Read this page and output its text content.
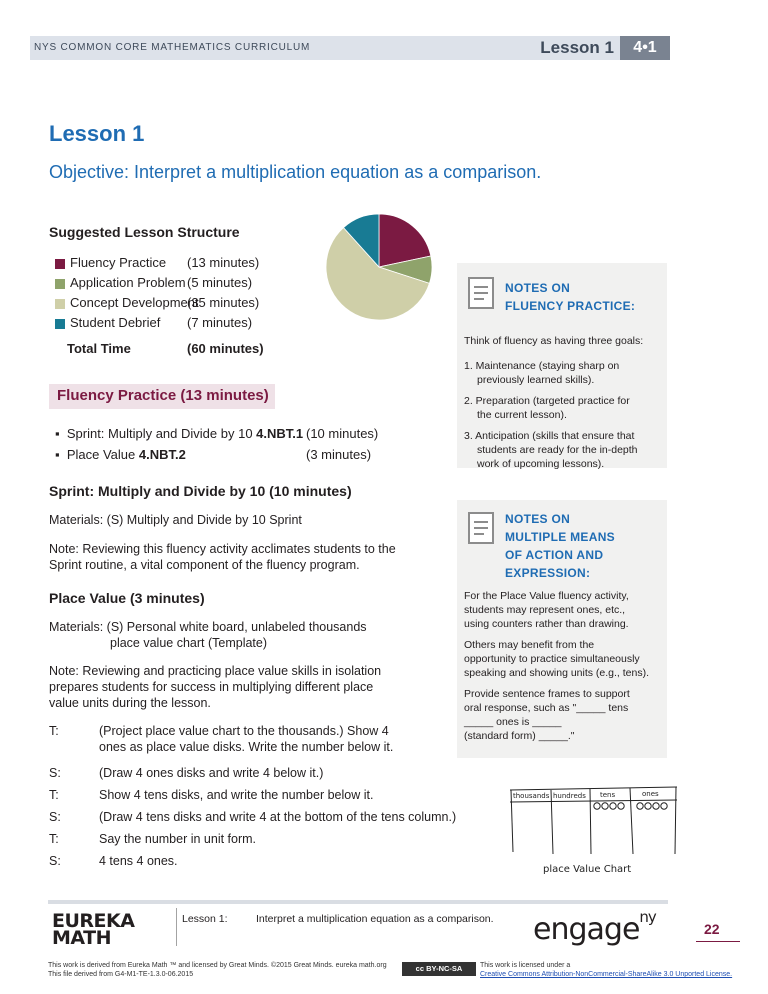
NYS COMMON CORE MATHEMATICS CURRICULUM	Lesson 1	4•1
Lesson 1
Objective: Interpret a multiplication equation as a comparison.
Suggested Lesson Structure
Fluency Practice (13 minutes)
Application Problem (5 minutes)
Concept Development
(35 minutes)
Student Debrief (7 minutes)
Total Time	(60 minutes)
Fluency Practice (13 minutes)
▪  Sprint: Multiply and Divide by 10 4.NBT.1 (10 minutes)
▪  Place Value 4.NBT.2	(3 minutes)
Sprint: Multiply and Divide by 10 (10 minutes)
Materials: (S) Multiply and Divide by 10 Sprint
Note: Reviewing this fluency activity acclimates students to the
Sprint routine, a vital component of the fluency program.
Place Value (3 minutes)
Materials: (S) Personal white board, unlabeled thousands
place value chart (Template)
Note: Reviewing and practicing place value skills in isolation
prepares students for success in multiplying different place
value units during the lesson.
T:	(Project place value chart to the thousands.) Show 4
ones as place value disks. Write the number below it.
S:	(Draw 4 ones disks and write 4 below it.)
T:	Show 4 tens disks, and write the number below it.
S:	(Draw 4 tens disks and write 4 at the bottom of the tens column.)
T:	Say the number in unit form.
S:	4 tens 4 ones.
NOTES ON
FLUENCY PRACTICE:
Think of fluency as having three goals:
1. Maintenance (staying sharp on
previously learned skills).
2. Preparation (targeted practice for
the current lesson).
3. Anticipation (skills that ensure that
students are ready for the in-depth
work of upcoming lessons).
NOTES ON
MULTIPLE MEANS
OF ACTION AND
EXPRESSION:
For the Place Value fluency activity,
students may represent ones, etc.,
using counters rather than drawing.
Others may benefit from the
opportunity to practice simultaneously
speaking and showing units (e.g., tens).
Provide sentence frames to support
oral response, such as "_____ tens
_____ ones is _____
(standard form) _____."
thousands hundreds tens	ones
place Value Chart
EUREKA
MATH
Lesson 1:	Interpret a multiplication equation as a comparison. engage$^{ny}$
22
This work is derived from Eureka Math ™ and licensed by Great Minds. ©2015 Great Minds. eureka math.org
This file derived from G4-M1-TE-1.3.0-06.2015
cc BY-NC-SA	This work is licensed under a
Creative Commons Attribution-NonCommercial-ShareAlike 3.0 Unported License.
